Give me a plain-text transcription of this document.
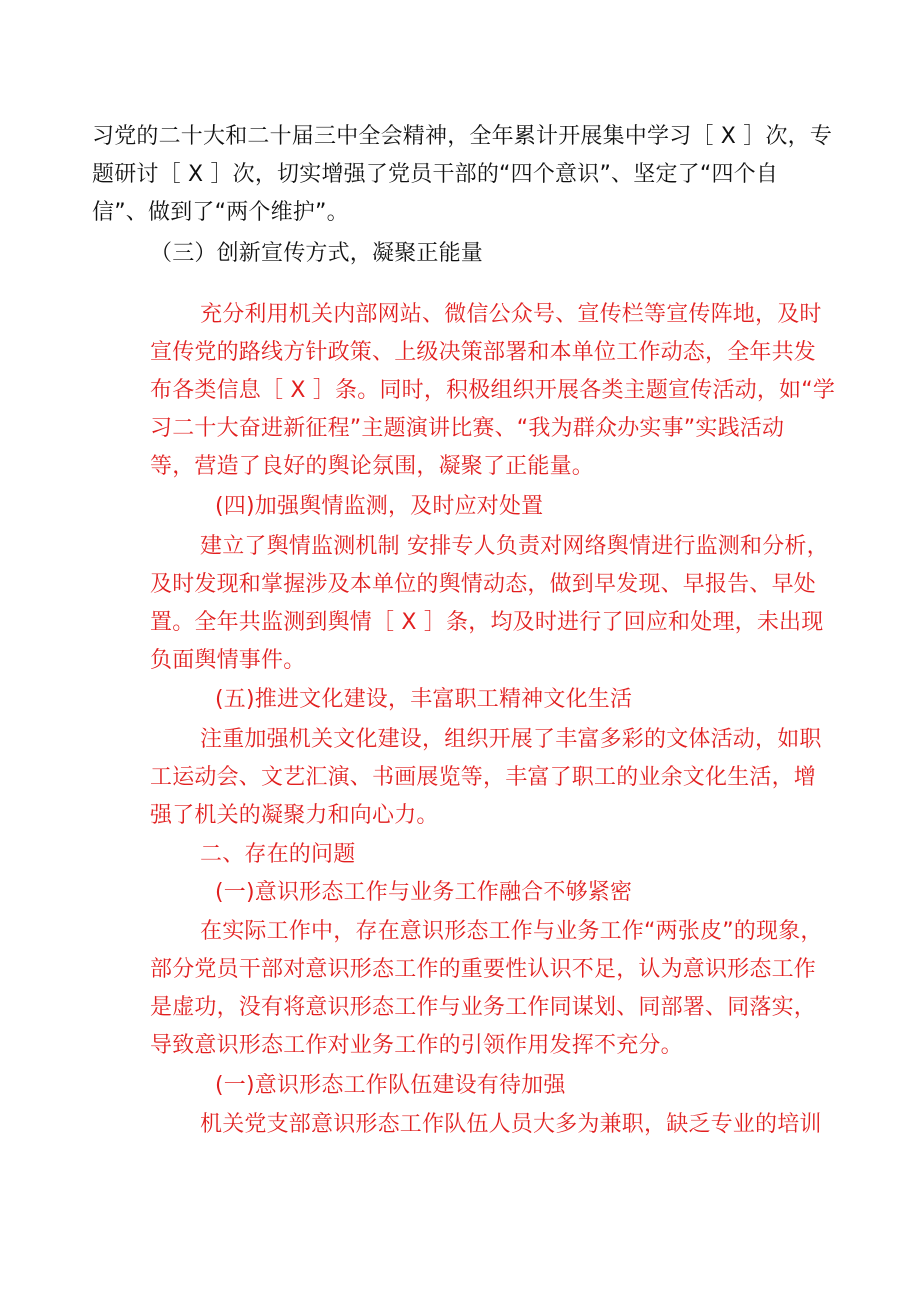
习党的二十大和二十届三中全会精神，全年累计开展集中学习［ X ］次，专

题研讨［ X ］次，切实增强了党员干部的“四个意识”、坚定了“四个自

信”、做到了“两个维护”。

（三）创新宣传方式，凝聚正能量

充分利用机关内部网站、微信公众号、宣传栏等宣传阵地，及时

宣传党的路线方针政策、上级决策部署和本单位工作动态，全年共发

布各类信息［ X ］条。同时，积极组织开展各类主题宣传活动，如“学

习二十大奋进新征程”主题演讲比赛、“我为群众办实事”实践活动

等，营造了良好的舆论氛围，凝聚了正能量。

(四)加强舆情监测，及时应对处置

建立了舆情监测机制 安排专人负责对网络舆情进行监测和分析，

及时发现和掌握涉及本单位的舆情动态，做到早发现、早报告、早处

置。全年共监测到舆情［ X ］条，均及时进行了回应和处理，未出现

负面舆情事件。

(五)推进文化建设，丰富职工精神文化生活

注重加强机关文化建设，组织开展了丰富多彩的文体活动，如职

工运动会、文艺汇演、书画展览等，丰富了职工的业余文化生活，增

强了机关的凝聚力和向心力。

二、存在的问题

(一)意识形态工作与业务工作融合不够紧密

在实际工作中，存在意识形态工作与业务工作“两张皮”的现象，

部分党员干部对意识形态工作的重要性认识不足，认为意识形态工作

是虚功，没有将意识形态工作与业务工作同谋划、同部署、同落实，

导致意识形态工作对业务工作的引领作用发挥不充分。

(一)意识形态工作队伍建设有待加强

机关党支部意识形态工作队伍人员大多为兼职，缺乏专业的培训
